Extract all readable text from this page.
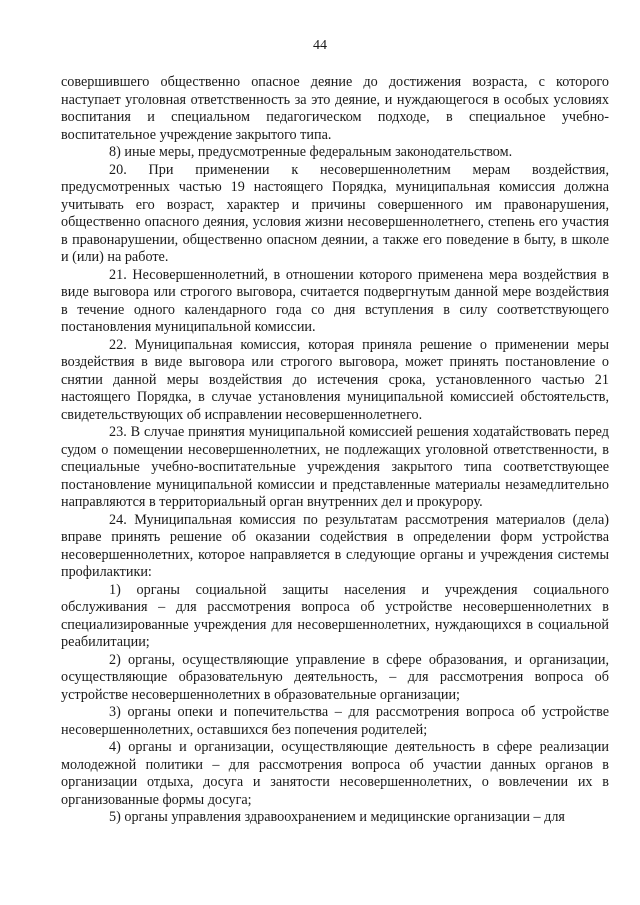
44

совершившего общественно опасное деяние до достижения возраста, с которого наступает уголовная ответственность за это деяние, и нуждающегося в особых условиях воспитания и специальном педагогическом подходе, в специальное учебно-воспитательное учреждение закрытого типа.

8) иные меры, предусмотренные федеральным законодательством.

20. При применении к несовершеннолетним мерам воздействия, предусмотренных частью 19 настоящего Порядка, муниципальная комиссия должна учитывать его возраст, характер и причины совершенного им правонарушения, общественно опасного деяния, условия жизни несовершеннолетнего, степень его участия в правонарушении, общественно опасном деянии, а также его поведение в быту, в школе и (или) на работе.

21. Несовершеннолетний, в отношении которого применена мера воздействия в виде выговора или строгого выговора, считается подвергнутым данной мере воздействия в течение одного календарного года со дня вступления в силу соответствующего постановления муниципальной комиссии.

22. Муниципальная комиссия, которая приняла решение о применении меры воздействия в виде выговора или строгого выговора, может принять постановление о снятии данной меры воздействия до истечения срока, установленного частью 21 настоящего Порядка, в случае установления муниципальной комиссией обстоятельств, свидетельствующих об исправлении несовершеннолетнего.

23. В случае принятия муниципальной комиссией решения ходатайствовать перед судом о помещении несовершеннолетних, не подлежащих уголовной ответственности, в специальные учебно-воспитательные учреждения закрытого типа соответствующее постановление муниципальной комиссии и представленные материалы незамедлительно направляются в территориальный орган внутренних дел и прокурору.

24. Муниципальная комиссия по результатам рассмотрения материалов (дела) вправе принять решение об оказании содействия в определении форм устройства несовершеннолетних, которое направляется в следующие органы и учреждения системы профилактики:

1) органы социальной защиты населения и учреждения социального обслуживания – для рассмотрения вопроса об устройстве несовершеннолетних в специализированные учреждения для несовершеннолетних, нуждающихся в социальной реабилитации;

2) органы, осуществляющие управление в сфере образования, и организации, осуществляющие образовательную деятельность, – для рассмотрения вопроса об устройстве несовершеннолетних в образовательные организации;

3) органы опеки и попечительства – для рассмотрения вопроса об устройстве несовершеннолетних, оставшихся без попечения родителей;

4) органы и организации, осуществляющие деятельность в сфере реализации молодежной политики – для рассмотрения вопроса об участии данных органов в организации отдыха, досуга и занятости несовершеннолетних, о вовлечении их в организованные формы досуга;

5) органы управления здравоохранением и медицинские организации – для
